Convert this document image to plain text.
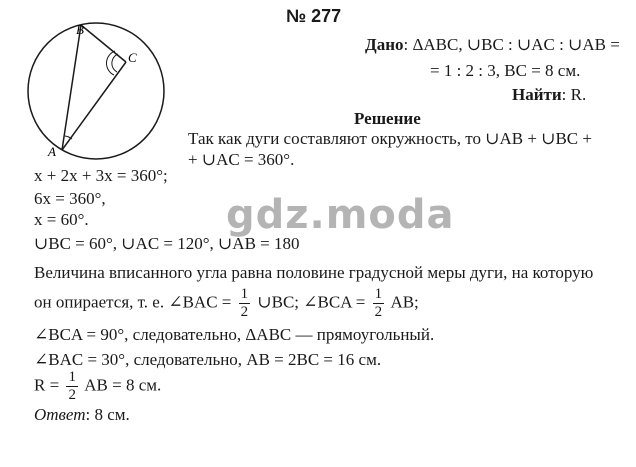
B
C
A
№ 277
Дано: ΔABC, ∪BC : ∪AC : ∪AB =
= 1 : 2 : 3, BC = 8 см.
Найти: R.
Решение
Так как дуги составляют окружность, то ∪AB + ∪BC +
+ ∪AC = 360°.
x + 2x + 3x = 360°;
6x = 360°,
x = 60°.
∪BC = 60°, ∪AC = 120°, ∪AB = 180
Величина вписанного угла равна половине градусной меры дуги, на которую
он опирается, т. е. ∠BAC = $\frac{1}{2}$ ∪BC; ∠BCA = $\frac{1}{2}$ AB;
∠BCA = 90°, следовательно, ΔABC — прямоугольный.
∠BAC = 30°, следовательно, AB = 2BC = 16 см.
$R = \frac{1}{2}$ AB = 8 см.
Ответ: 8 см.
gdz.moda
